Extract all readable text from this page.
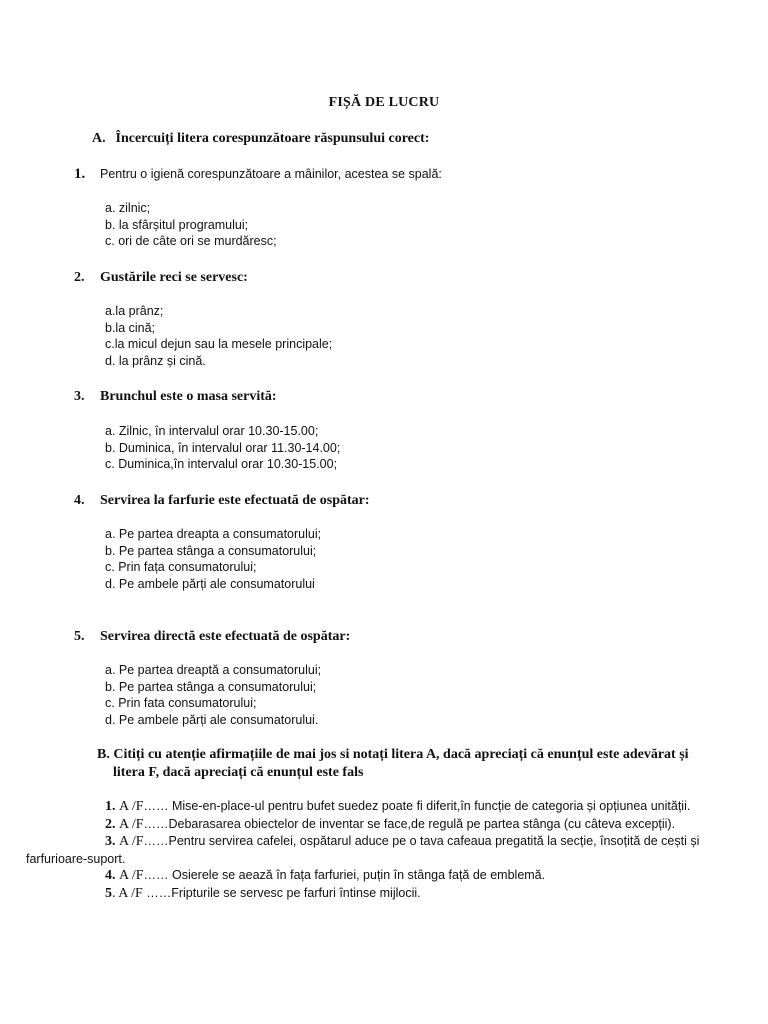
FIȘĂ DE LUCRU
A. Încercuiți litera corespunzătoare răspunsului corect:
1. Pentru o igienă corespunzătoare a mâinilor, acestea se spală:
a. zilnic;
b. la sfârșitul programului;
c. ori de câte ori se murdăresc;
2. Gustările reci se servesc:
a.la prânz;
b.la cină;
c.la micul dejun sau la mesele principale;
d. la prânz și cină.
3. Brunchul este o masa servită:
a. Zilnic, în intervalul orar 10.30-15.00;
b. Duminica, în intervalul orar 11.30-14.00;
c. Duminica,în intervalul orar 10.30-15.00;
4. Servirea la farfurie este efectuată de ospătar:
a. Pe partea dreapta a consumatorului;
b. Pe partea stânga a consumatorului;
c. Prin fața consumatorului;
d. Pe ambele părți ale consumatorului
5. Servirea directă este efectuată de ospătar:
a. Pe partea dreaptă a consumatorului;
b. Pe partea stânga a consumatorului;
c. Prin fata consumatorului;
d. Pe ambele părți ale consumatorului.
B. Citiți cu atenție afirmațiile de mai jos si notați litera A, dacă apreciați că enunțul este adevărat și
litera F, dacă apreciați că enunțul este fals
1. A /F…… Mise-en-place-ul pentru bufet suedez poate fi diferit,în funcție de categoria și opțiunea unității.
2. A /F……Debarasarea obiectelor de inventar se face,de regulă pe partea stânga (cu câteva excepții).
3. A /F……Pentru servirea cafelei, ospătarul aduce pe o tava cafeaua pregatită la secție, însoțită de cești și farfurioare-suport.
4. A /F…… Osierele se aează în fața farfuriei, puțin în stânga față de emblemă.
5. A /F ……Fripturile se servesc pe farfuri întinse mijlocii.
